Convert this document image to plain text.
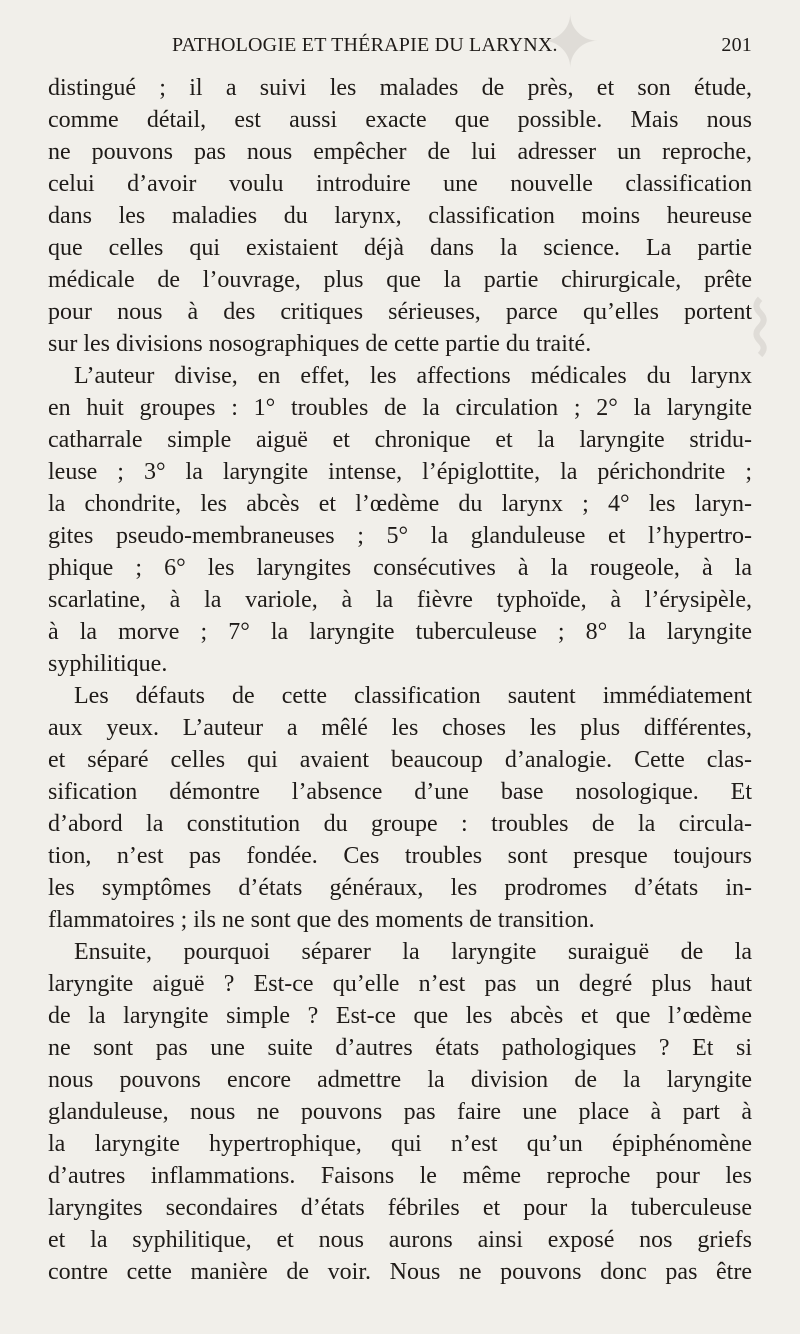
✦
⌇
PATHOLOGIE ET THÉRAPIE DU LARYNX.	201
distingué ; il a suivi les malades de près, et son étude,
comme détail, est aussi exacte que possible. Mais nous
ne pouvons pas nous empêcher de lui adresser un reproche,
celui d’avoir voulu introduire une nouvelle classification
dans les maladies du larynx, classification moins heureuse
que celles qui existaient déjà dans la science. La partie
médicale de l’ouvrage, plus que la partie chirurgicale, prête
pour nous à des critiques sérieuses, parce qu’elles portent
sur les divisions nosographiques de cette partie du traité.
L’auteur divise, en effet, les affections médicales du larynx
en huit groupes : 1° troubles de la circulation ; 2° la laryngite
catharrale simple aiguë et chronique et la laryngite stridu-
leuse ; 3° la laryngite intense, l’épiglottite, la périchondrite ;
la chondrite, les abcès et l’œdème du larynx ; 4° les laryn-
gites pseudo-membraneuses ; 5° la glanduleuse et l’hypertro-
phique ; 6° les laryngites consécutives à la rougeole, à la
scarlatine, à la variole, à la fièvre typhoïde, à l’érysipèle,
à la morve ; 7° la laryngite tuberculeuse ; 8° la laryngite
syphilitique.
Les défauts de cette classification sautent immédiatement
aux yeux. L’auteur a mêlé les choses les plus différentes,
et séparé celles qui avaient beaucoup d’analogie. Cette clas-
sification démontre l’absence d’une base nosologique. Et
d’abord la constitution du groupe : troubles de la circula-
tion, n’est pas fondée. Ces troubles sont presque toujours
les symptômes d’états généraux, les prodromes d’états in-
flammatoires ; ils ne sont que des moments de transition.
Ensuite, pourquoi séparer la laryngite suraiguë de la
laryngite aiguë ? Est-ce qu’elle n’est pas un degré plus haut
de la laryngite simple ? Est-ce que les abcès et que l’œdème
ne sont pas une suite d’autres états pathologiques ? Et si
nous pouvons encore admettre la division de la laryngite
glanduleuse, nous ne pouvons pas faire une place à part à
la laryngite hypertrophique, qui n’est qu’un épiphénomène
d’autres inflammations. Faisons le même reproche pour les
laryngites secondaires d’états fébriles et pour la tuberculeuse
et la syphilitique, et nous aurons ainsi exposé nos griefs
contre cette manière de voir. Nous ne pouvons donc pas être
